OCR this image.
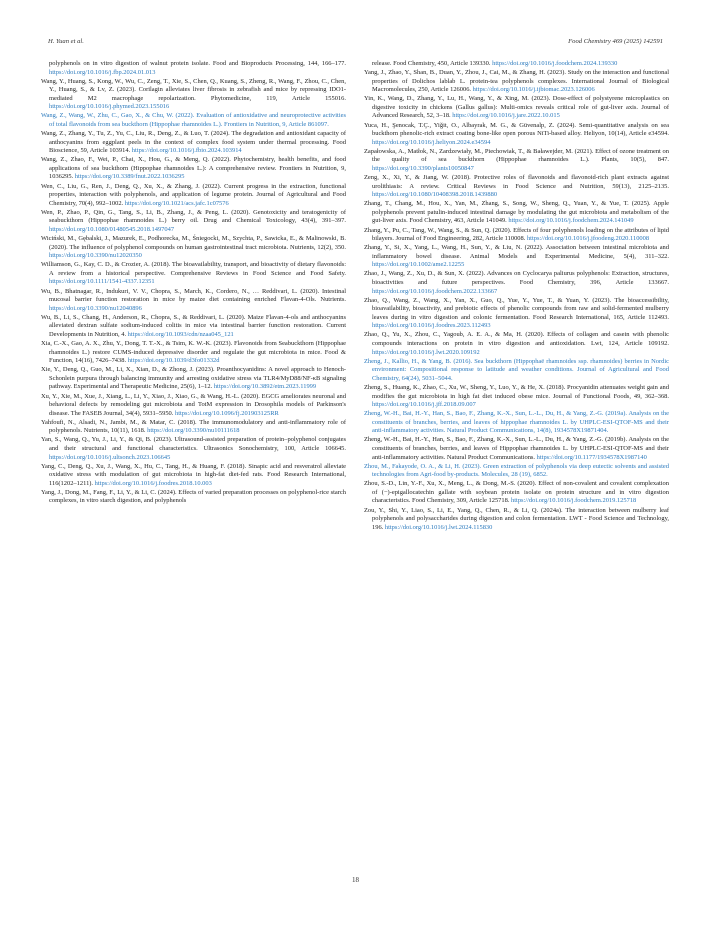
H. Yuan et al.	Food Chemistry 469 (2025) 142591
polyphenols on in vitro digestion of walnut protein isolate. Food and Bioproducts Processing, 144, 166–177. https://doi.org/10.1016/j.fbp.2024.01.013
Wang, Y., Huang, S., Kong, W., Wu, C., Zeng, T., Xie, S., Chen, Q., Kuang, S., Zheng, R., Wang, F., Zhou, C., Chen, Y., Huang, S., & Lv, Z. (2023). Corilagin alleviates liver fibrosis in zebrafish and mice by repressing IDO1-mediated M2 macrophage repolarization. Phytomedicine, 119, Article 155016. https://doi.org/10.1016/j.phymed.2023.155016
Wang, Z., Wang, W., Zhu, C., Gao, X., & Chu, W. (2022). Evaluation of antioxidative and neuroprotective activities of total flavonoids from sea buckthorn (Hippophae rhamnoides L.). Frontiers in Nutrition, 9, Article 861097.
Wang, Z., Zhang, Y., Tu, Z., Yu, C., Liu, R., Deng, Z., & Luo, T. (2024). The degradation and antioxidant capacity of anthocyanins from eggplant peels in the context of complex food system under thermal processing. Food Bioscience, 59, Article 103914. https://doi.org/10.1016/j.fbio.2024.103914
Wang, Z., Zhao, F., Wei, P., Chai, X., Hou, G., & Meng, Q. (2022). Phytochemistry, health benefits, and food applications of sea buckthorn (Hippophae rhamnoides L.): A comprehensive review. Frontiers in Nutrition, 9, 1036295. https://doi.org/10.3389/fnut.2022.1036295
Wen, C., Liu, G., Ren, J., Deng, Q., Xu, X., & Zhang, J. (2022). Current progress in the extraction, functional properties, interaction with polyphenols, and application of legume protein. Journal of Agricultural and Food Chemistry, 70(4), 992–1002. https://doi.org/10.1021/acs.jafc.1c07576
Wen, P., Zhao, P., Qin, G., Tang, S., Li, B., Zhang, J., & Peng, L. (2020). Genotoxicity and teratogenicity of seabuckthorn (Hippophae rhamnoides L.) berry oil. Drug and Chemical Toxicology, 43(4), 391–397. https://doi.org/10.1080/01480545.2018.1497047
Wiciński, M., Gębalski, J., Mazurek, E., Podhorecka, M., Śniegocki, M., Szychta, P., Sawicka, E., & Malinowski, B. (2020). The influence of polyphenol compounds on human gastrointestinal tract microbiota. Nutrients, 12(2), 350. https://doi.org/10.3390/nu12020350
Williamson, G., Kay, C. D., & Crozier, A. (2018). The bioavailability, transport, and bioactivity of dietary flavonoids: A review from a historical perspective. Comprehensive Reviews in Food Science and Food Safety. https://doi.org/10.1111/1541-4337.12351
Wu, B., Bhatnagar, R., Indukuri, V. V., Chopra, S., March, K., Cordero, N., … Reddivari, L. (2020). Intestinal mucosal barrier function restoration in mice by maize diet containing enriched Flavan-4-Ols. Nutrients. https://doi.org/10.3390/nu12040896
Wu, B., Li, S., Chang, H., Anderson, R., Chopra, S., & Reddivari, L. (2020). Maize Flavan-4-ols and anthocyanins alleviated dextran sulfate sodium-induced colitis in mice via intestinal barrier function restoration. Current Developments in Nutrition, 4. https://doi.org/10.1093/cdn/nzaa045_121
Xia, C.-X., Gao, A. X., Zhu, Y., Dong, T. T.-X., & Tsim, K. W.-K. (2023). Flavonoids from Seabuckthorn (Hippophae rhamnoides L.) restore CUMS-induced depressive disorder and regulate the gut microbiota in mice. Food & Function, 14(16), 7426–7438. https://doi.org/10.1039/d3fo01332d
Xie, Y., Deng, Q., Guo, M., Li, X., Xian, D., & Zhong, J. (2023). Proanthocyanidins: A novel approach to Henoch-Schonlein purpura through balancing immunity and arresting oxidative stress via TLR4/MyD88/NF-κB signaling pathway. Experimental and Therapeutic Medicine, 25(6), 1–12. https://doi.org/10.3892/etm.2023.11999
Xu, Y., Xie, M., Xue, J., Xiang, L., Li, Y., Xiao, J., Xiao, G., & Wang, H.-L. (2020). EGCG ameliorates neuronal and behavioral defects by remodeling gut microbiota and TotM expression in Drosophila models of Parkinson's disease. The FASEB Journal, 34(4), 5931–5950. https://doi.org/10.1096/fj.201903125RR
Yahfoufi, N., Alsadi, N., Jambi, M., & Matar, C. (2018). The immunomodulatory and anti-inflammatory role of polyphenols. Nutrients, 10(11), 1618. https://doi.org/10.3390/nu10111618
Yan, S., Wang, Q., Yu, J., Li, Y., & Qi, B. (2023). Ultrasound-assisted preparation of protein–polyphenol conjugates and their structural and functional characteristics. Ultrasonics Sonochemistry, 100, Article 106645. https://doi.org/10.1016/j.ultsonch.2023.106645
Yang, C., Deng, Q., Xu, J., Wang, X., Hu, C., Tang, H., & Huang, F. (2018). Sinapic acid and resveratrol alleviate oxidative stress with modulation of gut microbiota in high-fat diet-fed rats. Food Research International, 116(1202–1211). https://doi.org/10.1016/j.foodres.2018.10.003
Yang, J., Dong, M., Fang, F., Li, Y., & Li, C. (2024). Effects of varied preparation processes on polyphenol-rice starch complexes, in vitro starch digestion, and polyphenols
release. Food Chemistry, 450, Article 139330. https://doi.org/10.1016/j.foodchem.2024.139330
Yang, J., Zhao, Y., Shan, B., Duan, Y., Zhou, J., Cai, M., & Zhang, H. (2023). Study on the interaction and functional properties of Dolichos lablab L. protein-tea polyphenols complexes. International Journal of Biological Macromolecules, 250, Article 126006. https://doi.org/10.1016/j.ijbiomac.2023.126006
Yin, K., Wang, D., Zhang, Y., Lu, H., Wang, Y., & Xing, M. (2023). Dose-effect of polystyrene microplastics on digestive toxicity in chickens (Gallus gallus): Multi-omics reveals critical role of gut-liver axis. Journal of Advanced Research, 52, 3–18. https://doi.org/10.1016/j.jare.2022.10.015
Yuca, H., Şenocak, T.Ç., Yiğit, O., Albayrak, M. G., & Güvenalp, Z. (2024). Semi-quantitative analysis on sea buckthorn phenolic-rich extract coating bone-like open porous NiTi-based alloy. Heliyon, 10(14), Article e34594. https://doi.org/10.1016/j.heliyon.2024.e34594
Zapałowska, A., Matłok, N., Zardzewiały, M., Piechowiak, T., & Baławejder, M. (2021). Effect of ozone treatment on the quality of sea buckthorn (Hippophae rhamnoides L.). Plants, 10(5), 847. https://doi.org/10.3390/plants10050847
Zeng, X., Xi, Y., & Jiang, W. (2018). Protective roles of flavonoids and flavonoid-rich plant extracts against urolithiasis: A review. Critical Reviews in Food Science and Nutrition, 59(13), 2125–2135. https://doi.org/10.1080/10408398.2018.1439880
Zhang, T., Chang, M., Hou, X., Yan, M., Zhang, S., Song, W., Sheng, Q., Yuan, Y., & Yue, T. (2025). Apple polyphenols prevent patulin-induced intestinal damage by modulating the gut microbiota and metabolism of the gut-liver axis. Food Chemistry, 463, Article 141049. https://doi.org/10.1016/j.foodchem.2024.141049
Zhang, Y., Pu, C., Tang, W., Wang, S., & Sun, Q. (2020). Effects of four polyphenols loading on the attributes of lipid bilayers. Journal of Food Engineering, 282, Article 110008. https://doi.org/10.1016/j.jfoodeng.2020.110008
Zhang, Y., Si, X., Yang, L., Wang, H., Sun, Y., & Liu, N. (2022). Association between intestinal microbiota and inflammatory bowel disease. Animal Models and Experimental Medicine, 5(4), 311–322. https://doi.org/10.1002/ame2.12255
Zhao, J., Wang, Z., Xu, D., & Sun, X. (2022). Advances on Cyclocarya paliurus polyphenols: Extraction, structures, bioactivities and future perspectives. Food Chemistry, 396, Article 133667. https://doi.org/10.1016/j.foodchem.2022.133667
Zhao, Q., Wang, Z., Wang, X., Yan, X., Guo, Q., Yue, Y., Yue, T., & Yuan, Y. (2023). The bioaccessibility, bioavailability, bioactivity, and prebiotic effects of phenolic compounds from raw and solid-fermented mulberry leaves during in vitro digestion and colonic fermentation. Food Research International, 165, Article 112493. https://doi.org/10.1016/j.foodres.2023.112493
Zhao, Q., Yu, X., Zhou, C., Yagoub, A. E. A., & Ma, H. (2020). Effects of collagen and casein with phenolic compounds interactions on protein in vitro digestion and antioxidation. Lwt, 124, Article 109192. https://doi.org/10.1016/j.lwt.2020.109192
Zheng, J., Kallio, H., & Yang, B. (2016). Sea buckthorn (Hippophaë rhamnoides ssp. rhamnoides) berries in Nordic environment: Compositional response to latitude and weather conditions. Journal of Agricultural and Food Chemistry, 64(24), 5031–5044.
Zheng, S., Huang, K., Zhao, C., Xu, W., Sheng, Y., Luo, Y., & He, X. (2018). Procyanidin attenuates weight gain and modifies the gut microbiota in high fat diet induced obese mice. Journal of Functional Foods, 49, 362–368. https://doi.org/10.1016/j.jff.2018.09.007
Zheng, W.-H., Bai, H.-Y., Han, S., Bao, F., Zhang, K.-X., Sun, L.-L., Du, H., & Yang, Z.-G. (2019a). Analysis on the constituents of branches, berries, and leaves of hippophae rhamnoides L. by UHPLC-ESI-QTOF-MS and their anti-inflammatory activities. Natural Product Communications, 14(8), 1934578X19871404.
Zheng, W.-H., Bai, H.-Y., Han, S., Bao, F., Zhang, K.-X., Sun, L.-L., Du, H., & Yang, Z.-G. (2019b). Analysis on the constituents of branches, berries, and leaves of Hippophae rhamnoides L. by UHPLC-ESI-QTOF-MS and their anti-inflammatory activities. Natural Product Communications. https://doi.org/10.1177/1934578X1987140
Zhou, M., Fakayode, O. A., & Li, H. (2023). Green extraction of polyphenols via deep eutectic solvents and assisted technologies from Agri-food by-products. Molecules, 28 (19), 6852.
Zhou, S.-D., Lin, Y.-F., Xu, X., Meng, L., & Dong, M.-S. (2020). Effect of non-covalent and covalent complexation of (−)-epigallocatechin gallate with soybean protein isolate on protein structure and in vitro digestion characteristics. Food Chemistry, 309, Article 125718. https://doi.org/10.1016/j.foodchem.2019.125718
Zou, Y., Shi, Y., Liao, S., Li, E., Yang, Q., Chen, R., & Li, Q. (2024a). The interaction between mulberry leaf polyphenols and polysaccharides during digestion and colon fermentation. LWT - Food Science and Technology, 196. https://doi.org/10.1016/j.lwt.2024.115830
18
